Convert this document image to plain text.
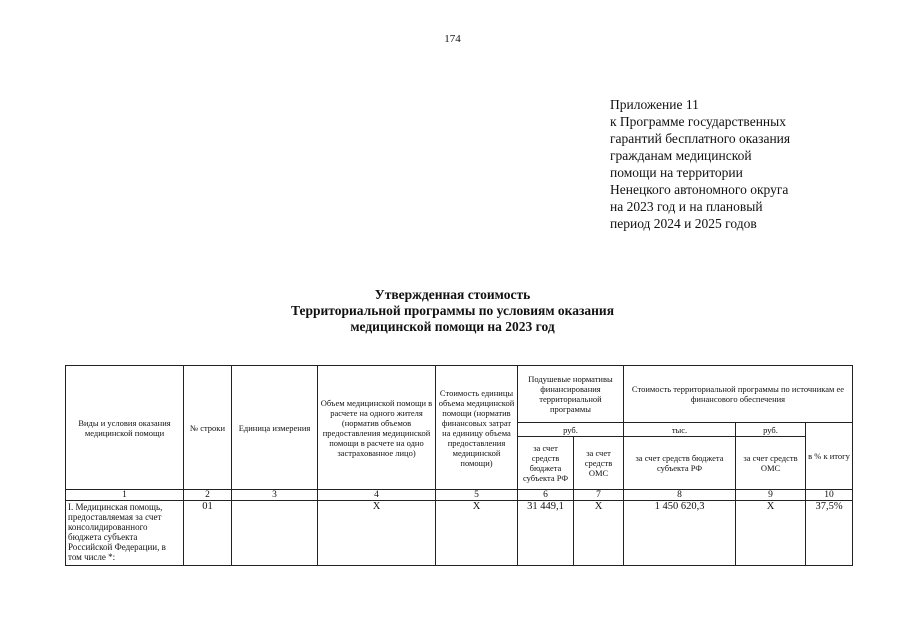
174
Приложение 11
к Программе государственных
гарантий бесплатного оказания
гражданам медицинской
помощи на территории
Ненецкого автономного округа
на 2023 год и на плановый
период 2024 и 2025 годов
Утвержденная стоимость
Территориальной программы по условиям оказания
медицинской помощи на 2023 год
Виды и условия оказания медицинской помощи	№ строки	Единица измерения	Объем медицинской помощи в расчете на одного жителя (норматив объемов предоставления медицинской помощи в расчете на одно застрахованное лицо)	Стоимость единицы объема медицинской помощи (норматив финансовых затрат на единицу объема предоставления медицинской помощи)	Подушевые нормативы финансирования территориальной программы		Стоимость территориальной программы по источникам ее финансового обеспечения		
					руб.		тыс.	руб.	в % к итогу
					за счет средств бюджета субъекта РФ	за счет средств ОМС	за счет средств бюджета субъекта РФ	за счет средств ОМС	
1	2	3	4	5	6	7	8	9	10
I. Медицинская помощь, предоставляемая за счет консолидированного бюджета субъекта Российской Федерации, в том числе *:	01		X	X	31 449,1	X	1 450 620,3	X	37,5%
